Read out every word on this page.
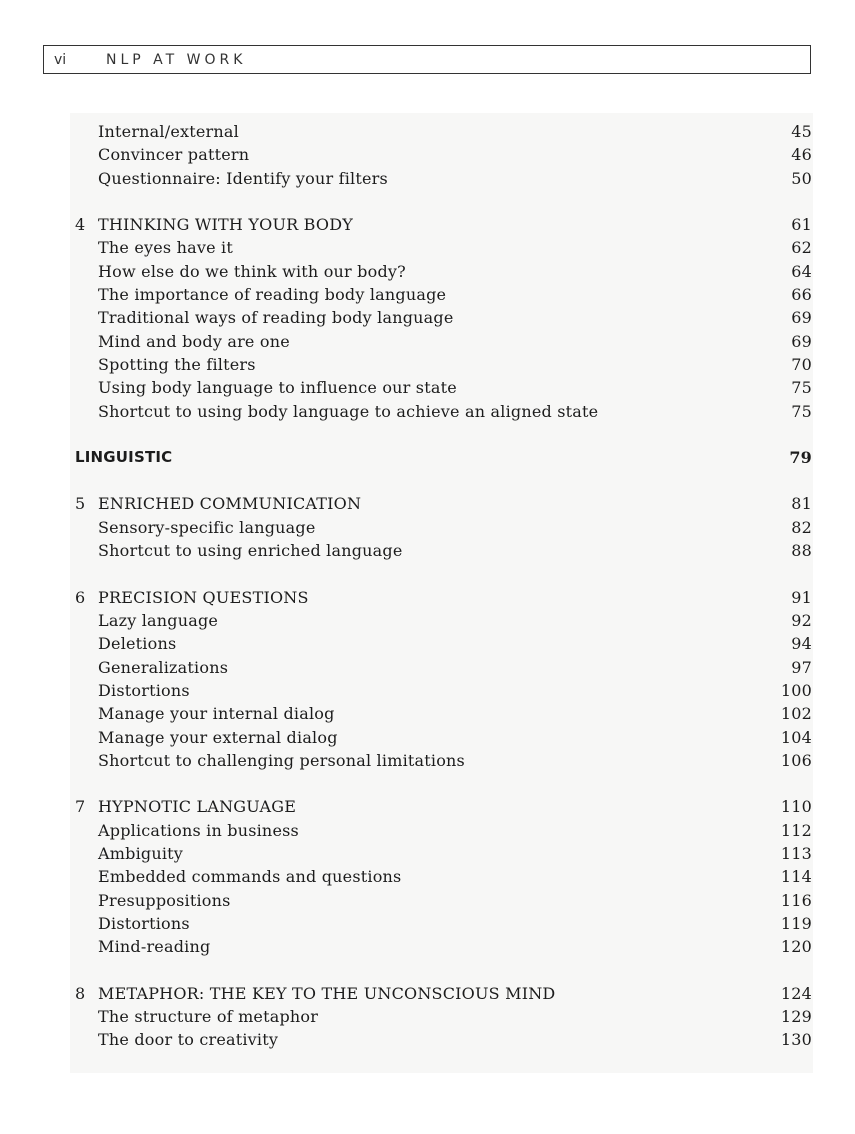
vi	NLP AT WORK
Internal/external	45
Convincer pattern	46
Questionnaire: Identify your filters	50
4 THINKING WITH YOUR BODY	61
The eyes have it	62
How else do we think with our body?	64
The importance of reading body language	66
Traditional ways of reading body language	69
Mind and body are one	69
Spotting the filters	70
Using body language to influence our state	75
Shortcut to using body language to achieve an aligned state	75
LINGUISTIC	79
5 ENRICHED COMMUNICATION	81
Sensory-specific language	82
Shortcut to using enriched language	88
6 PRECISION QUESTIONS	91
Lazy language	92
Deletions	94
Generalizations	97
Distortions	100
Manage your internal dialog	102
Manage your external dialog	104
Shortcut to challenging personal limitations	106
7 HYPNOTIC LANGUAGE	110
Applications in business	112
Ambiguity	113
Embedded commands and questions	114
Presuppositions	116
Distortions	119
Mind-reading	120
8 METAPHOR: THE KEY TO THE UNCONSCIOUS MIND	124
The structure of metaphor	129
The door to creativity	130
